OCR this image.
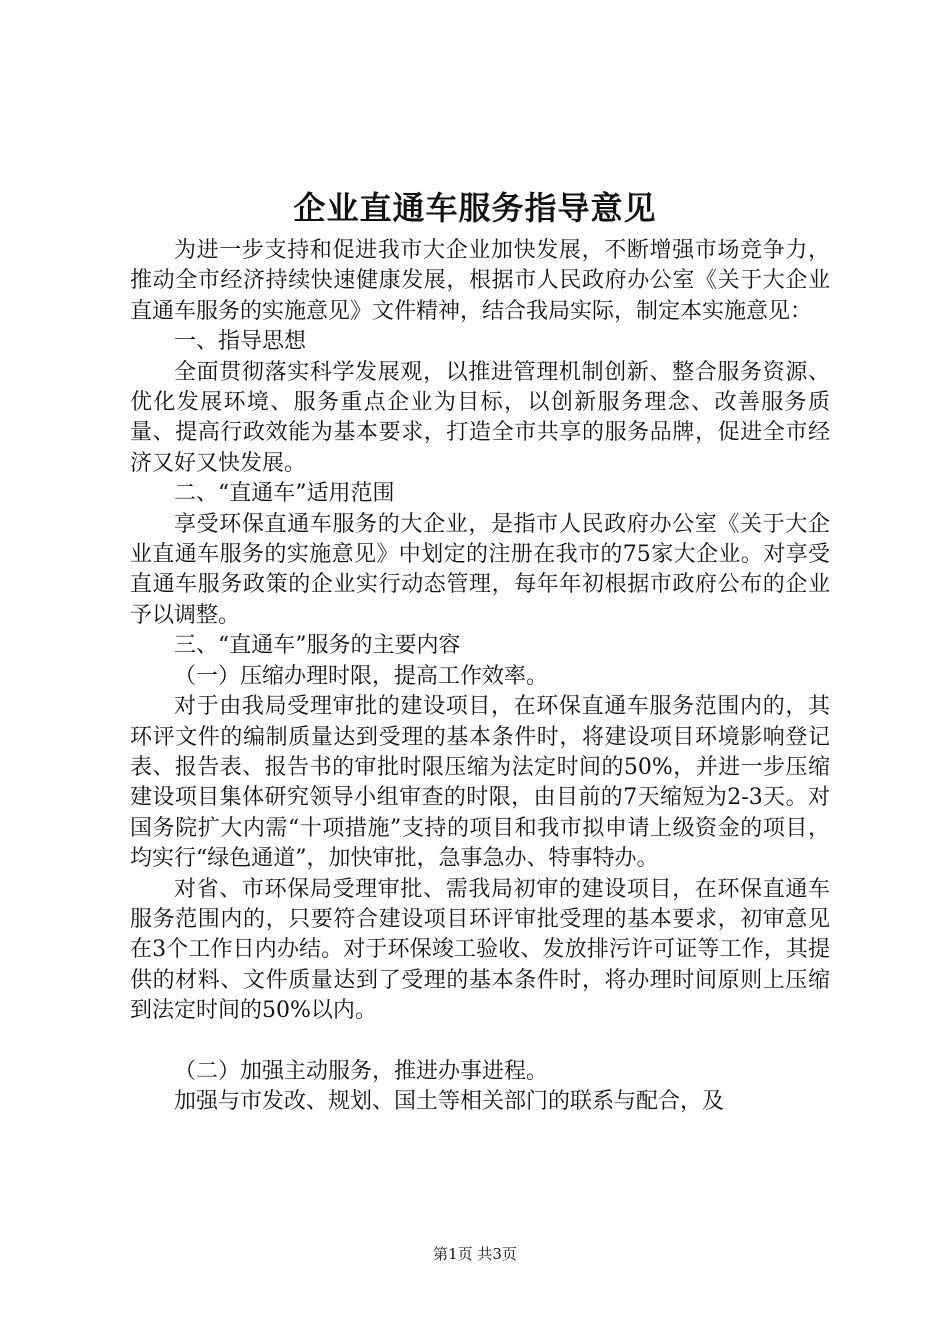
企业直通车服务指导意见

为进一步支持和促进我市大企业加快发展，不断增强市场竞争力，推动全市经济持续快速健康发展，根据市人民政府办公室《关于大企业直通车服务的实施意见》文件精神，结合我局实际，制定本实施意见：

一、指导思想

全面贯彻落实科学发展观，以推进管理机制创新、整合服务资源、优化发展环境、服务重点企业为目标，以创新服务理念、改善服务质量、提高行政效能为基本要求，打造全市共享的服务品牌，促进全市经济又好又快发展。

二、“直通车”适用范围

享受环保直通车服务的大企业，是指市人民政府办公室《关于大企业直通车服务的实施意见》中划定的注册在我市的75家大企业。对享受直通车服务政策的企业实行动态管理，每年年初根据市政府公布的企业予以调整。

三、“直通车”服务的主要内容

（一）压缩办理时限，提高工作效率。

对于由我局受理审批的建设项目，在环保直通车服务范围内的，其环评文件的编制质量达到受理的基本条件时，将建设项目环境影响登记表、报告表、报告书的审批时限压缩为法定时间的50%，并进一步压缩建设项目集体研究领导小组审查的时限，由目前的7天缩短为2-3天。对国务院扩大内需“十项措施”支持的项目和我市拟申请上级资金的项目，均实行“绿色通道”，加快审批，急事急办、特事特办。

对省、市环保局受理审批、需我局初审的建设项目，在环保直通车服务范围内的，只要符合建设项目环评审批受理的基本要求，初审意见在3个工作日内办结。对于环保竣工验收、发放排污许可证等工作，其提供的材料、文件质量达到了受理的基本条件时，将办理时间原则上压缩到法定时间的50%以内。

（二）加强主动服务，推进办事进程。

加强与市发改、规划、国土等相关部门的联系与配合，及

第1页 共3页
